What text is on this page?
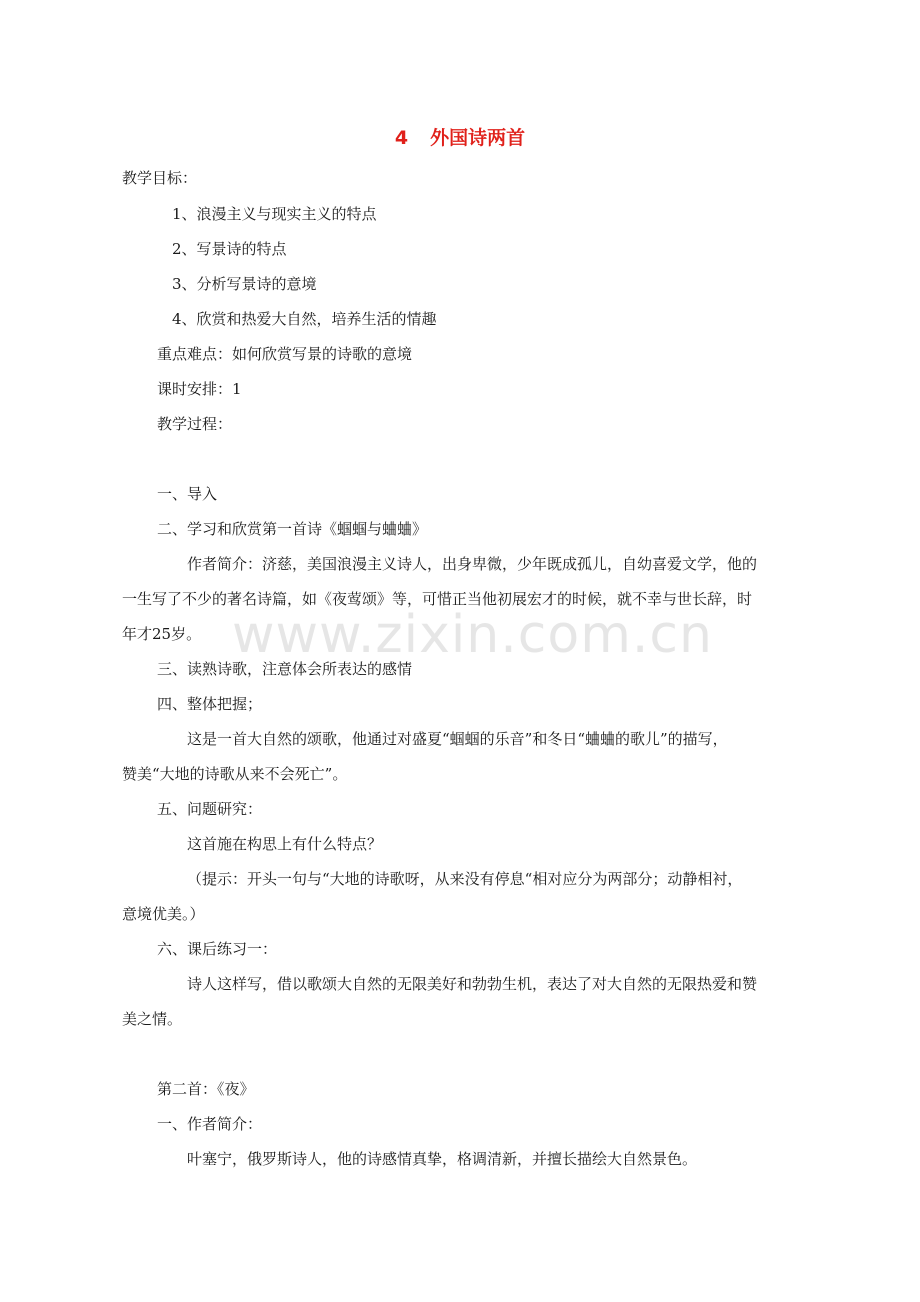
www.zixin.com.cn
4 外国诗两首
教学目标：
1、浪漫主义与现实主义的特点
2、写景诗的特点
3、分析写景诗的意境
4、欣赏和热爱大自然，培养生活的情趣
重点难点：如何欣赏写景的诗歌的意境
课时安排：1
教学过程：
一、导入
二、学习和欣赏第一首诗《蝈蝈与蛐蛐》
作者简介：济慈，美国浪漫主义诗人，出身卑微，少年既成孤儿，自幼喜爱文学，他的
一生写了不少的著名诗篇，如《夜莺颂》等，可惜正当他初展宏才的时候，就不幸与世长辞，时
年才25岁。
三、读熟诗歌，注意体会所表达的感情
四、整体把握；
这是一首大自然的颂歌，他通过对盛夏“蝈蝈的乐音”和冬日“蛐蛐的歌儿”的描写，
赞美“大地的诗歌从来不会死亡”。
五、问题研究：
这首施在构思上有什么特点？
（提示：开头一句与“大地的诗歌呀，从来没有停息“相对应分为两部分；动静相衬，
意境优美。）
六、课后练习一：
诗人这样写，借以歌颂大自然的无限美好和勃勃生机，表达了对大自然的无限热爱和赞
美之情。
第二首：《夜》
一、作者简介：
叶塞宁，俄罗斯诗人，他的诗感情真挚，格调清新，并擅长描绘大自然景色。
